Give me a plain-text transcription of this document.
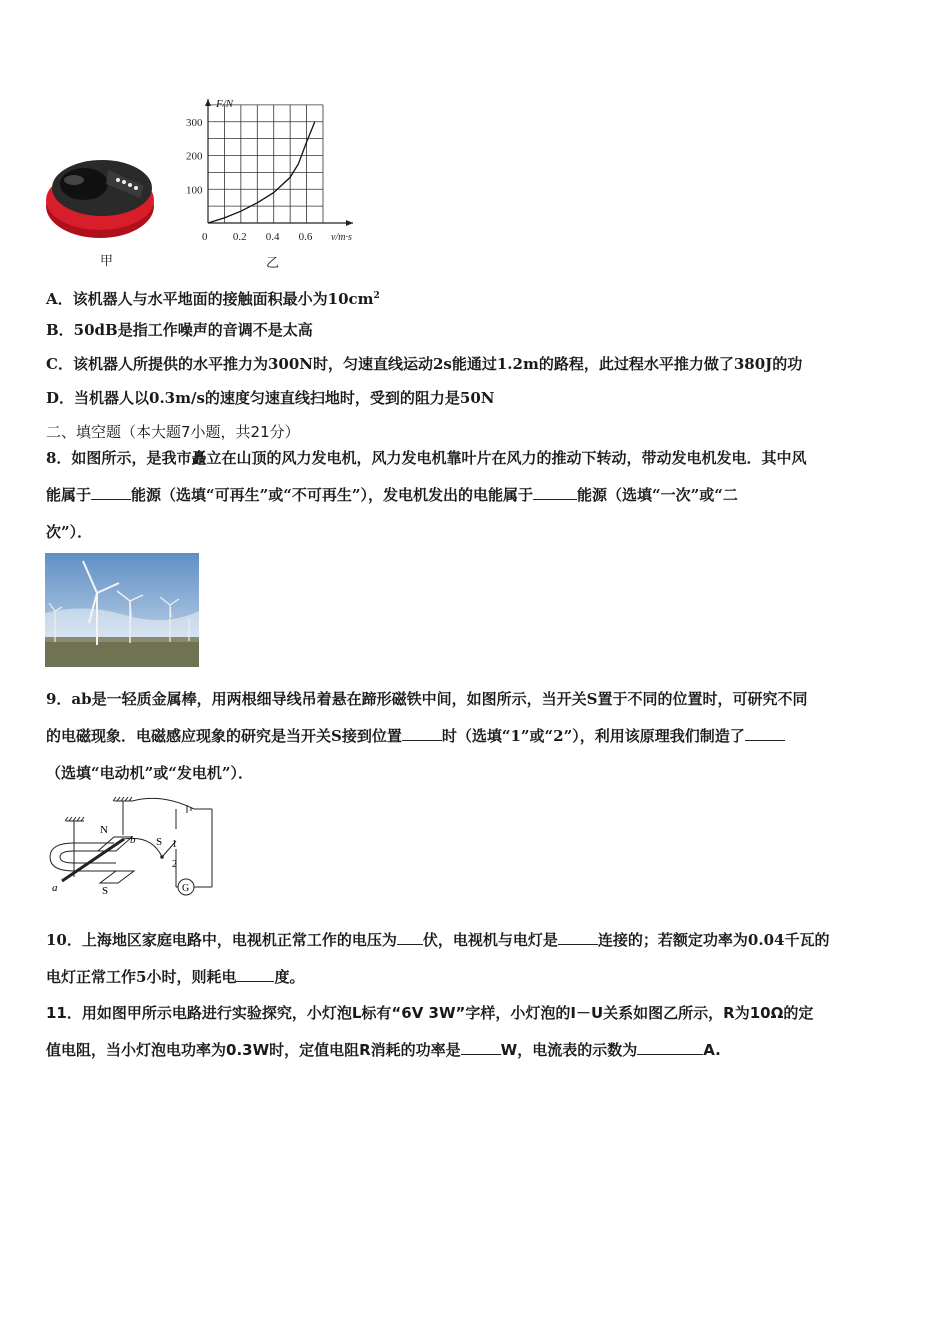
甲
100
200
300
0 0.2 0.4 0.6
F/N
v/m·s
乙
A．该机器人与水平地面的接触面积最小为$10cm^2$
B．50dB是指工作噪声的音调不是太高
C．该机器人所提供的水平推力为300N时，匀速直线运动2s能通过1.2m的路程，此过程水平推力做了380J的功
D．当机器人以0.3m/s的速度匀速直线扫地时，受到的阻力是50N
二、填空题（本大题7小题，共21分）
8．如图所示，是我市矗立在山顶的风力发电机，风力发电机靠叶片在风力的推动下转动，带动发电机发电．其中风
能属于	能源（选填“可再生”或“不可再生”），发电机发出的电能属于	能源（选填“一次”或“二
次”）．
9．ab是一轻质金属棒，用两根细导线吊着悬在蹄形磁铁中间，如图所示，当开关S置于不同的位置时，可研究不同
的电磁现象．电磁感应现象的研究是当开关S接到位置	时（选填“1”或“2”），利用该原理我们制造了
（选填“电动机”或“发电机”）．
N
S
a
b S 1
2
G
10．上海地区家庭电路中，电视机正常工作的电压为 伏，电视机与电灯是	连接的；若额定功率为0.04千瓦的
电灯正常工作5小时，则耗电	度。
11．用如图甲所示电路进行实验探究，小灯泡L标有“6V 3W”字样，小灯泡的I－U关系如图乙所示，R为10Ω的定
值电阻，当小灯泡电功率为0.3W时，定值电阻R消耗的功率是	W，电流表的示数为	A.
